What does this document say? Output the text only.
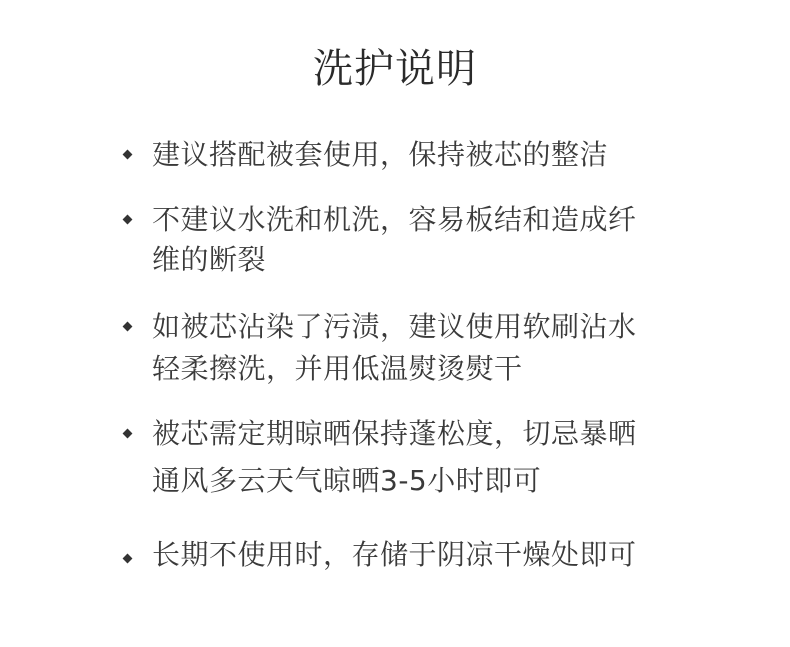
洗护说明
建议搭配被套使用，保持被芯的整洁
不建议水洗和机洗，容易板结和造成纤
维的断裂
如被芯沾染了污渍，建议使用软刷沾水
轻柔擦洗，并用低温熨烫熨干
被芯需定期晾晒保持蓬松度，切忌暴晒
通风多云天气晾晒3-5小时即可
长期不使用时，存储于阴凉干燥处即可
